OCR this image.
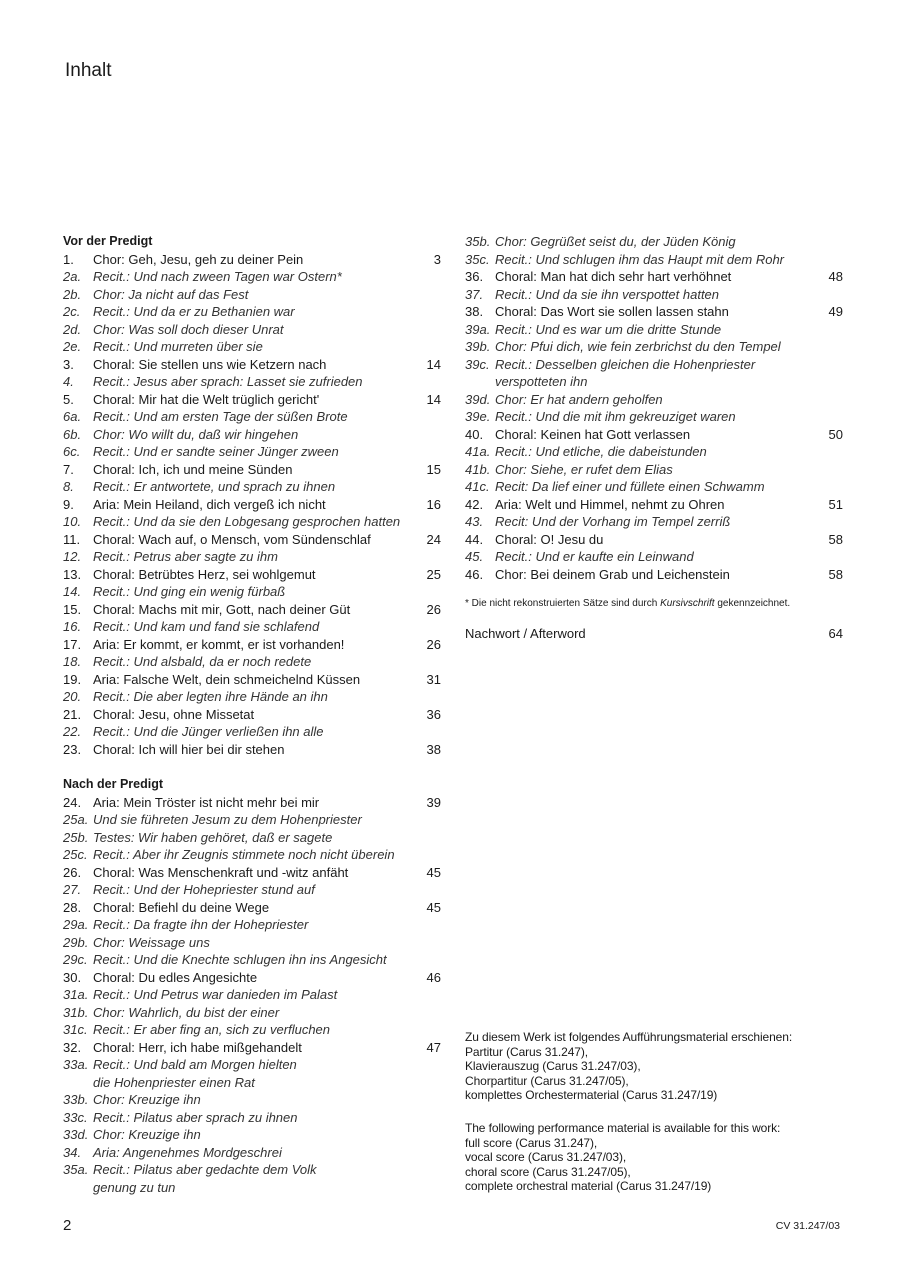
Inhalt
Vor der Predigt
1. Chor: Geh, Jesu, geh zu deiner Pein	3
2a. Recit.: Und nach zween Tagen war Ostern*
2b. Chor: Ja nicht auf das Fest
2c. Recit.: Und da er zu Bethanien war
2d. Chor: Was soll doch dieser Unrat
2e. Recit.: Und murreten über sie
3. Choral: Sie stellen uns wie Ketzern nach	14
4. Recit.: Jesus aber sprach: Lasset sie zufrieden
5. Choral: Mir hat die Welt trüglich gericht'	14
6a. Recit.: Und am ersten Tage der süßen Brote
6b. Chor: Wo willt du, daß wir hingehen
6c. Recit.: Und er sandte seiner Jünger zween
7. Choral: Ich, ich und meine Sünden	15
8. Recit.: Er antwortete, und sprach zu ihnen
9. Aria: Mein Heiland, dich vergeß ich nicht	16
10. Recit.: Und da sie den Lobgesang gesprochen hatten
11. Choral: Wach auf, o Mensch, vom Sündenschlaf	24
12. Recit.: Petrus aber sagte zu ihm
13. Choral: Betrübtes Herz, sei wohlgemut	25
14. Recit.: Und ging ein wenig fürbaß
15. Choral: Machs mit mir, Gott, nach deiner Güt	26
16. Recit.: Und kam und fand sie schlafend
17. Aria: Er kommt, er kommt, er ist vorhanden!	26
18. Recit.: Und alsbald, da er noch redete
19. Aria: Falsche Welt, dein schmeichelnd Küssen	31
20. Recit.: Die aber legten ihre Hände an ihn
21. Choral: Jesu, ohne Missetat	36
22. Recit.: Und die Jünger verließen ihn alle
23. Choral: Ich will hier bei dir stehen	38
Nach der Predigt
24. Aria: Mein Tröster ist nicht mehr bei mir	39
25a. Und sie führeten Jesum zu dem Hohenpriester
25b. Testes: Wir haben gehöret, daß er sagete
25c. Recit.: Aber ihr Zeugnis stimmete noch nicht überein
26. Choral: Was Menschenkraft und -witz anfäht	45
27. Recit.: Und der Hohepriester stund auf
28. Choral: Befiehl du deine Wege	45
29a. Recit.: Da fragte ihn der Hohepriester
29b. Chor: Weissage uns
29c. Recit.: Und die Knechte schlugen ihn ins Angesicht
30. Choral: Du edles Angesichte	46
31a. Recit.: Und Petrus war danieden im Palast
31b. Chor: Wahrlich, du bist der einer
31c. Recit.: Er aber fing an, sich zu verfluchen
32. Choral: Herr, ich habe mißgehandelt	47
33a. Recit.: Und bald am Morgen hielten
die Hohenpriester einen Rat
33b. Chor: Kreuzige ihn
33c. Recit.: Pilatus aber sprach zu ihnen
33d. Chor: Kreuzige ihn
34. Aria: Angenehmes Mordgeschrei
35a. Recit.: Pilatus aber gedachte dem Volk
genung zu tun
35b. Chor: Gegrüßet seist du, der Jüden König
35c. Recit.: Und schlugen ihm das Haupt mit dem Rohr
36. Choral: Man hat dich sehr hart verhöhnet	48
37. Recit.: Und da sie ihn verspottet hatten
38. Choral: Das Wort sie sollen lassen stahn	49
39a. Recit.: Und es war um die dritte Stunde
39b. Chor: Pfui dich, wie fein zerbrichst du den Tempel
39c. Recit.: Desselben gleichen die Hohenpriester
verspotteten ihn
39d. Chor: Er hat andern geholfen
39e. Recit.: Und die mit ihm gekreuziget waren
40. Choral: Keinen hat Gott verlassen	50
41a. Recit.: Und etliche, die dabeistunden
41b. Chor: Siehe, er rufet dem Elias
41c. Recit: Da lief einer und füllete einen Schwamm
42. Aria: Welt und Himmel, nehmt zu Ohren	51
43. Recit: Und der Vorhang im Tempel zerriß
44. Choral: O! Jesu du	58
45. Recit.: Und er kaufte ein Leinwand
46. Chor: Bei deinem Grab und Leichenstein	58
* Die nicht rekonstruierten Sätze sind durch Kursivschrift gekennzeichnet.
Nachwort / Afterword	64
Zu diesem Werk ist folgendes Aufführungsmaterial erschienen:
Partitur (Carus 31.247),
Klavierauszug (Carus 31.247/03),
Chorpartitur (Carus 31.247/05),
komplettes Orchestermaterial (Carus 31.247/19)
The following performance material is available for this work:
full score (Carus 31.247),
vocal score (Carus 31.247/03),
choral score (Carus 31.247/05),
complete orchestral material (Carus 31.247/19)
2	CV 31.247/03
